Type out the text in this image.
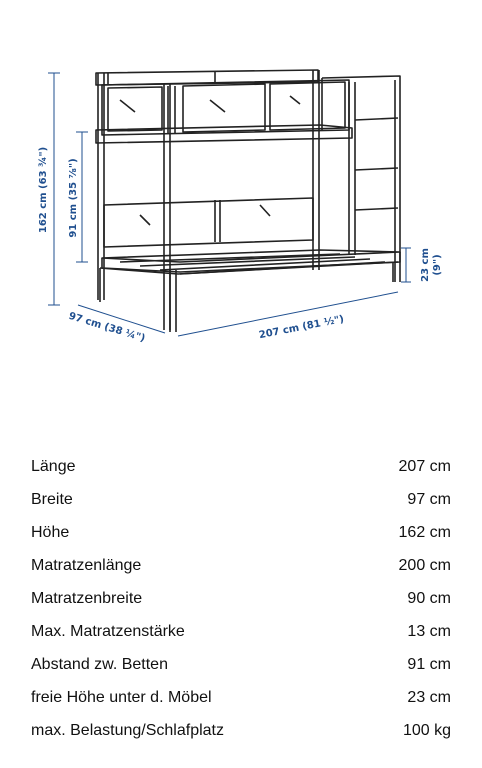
162 cm (63 ¾") 91 cm (35 ⅞")
97 cm (38 ¼")	207 cm (81 ½")
23 cm (9")
Länge	207 cm
Breite	97 cm
Höhe	162 cm
Matratzenlänge	200 cm
Matratzenbreite	90 cm
Max. Matratzenstärke	13 cm
Abstand zw. Betten	91 cm
freie Höhe unter d. Möbel	23 cm
max. Belastung/Schlafplatz	100 kg
